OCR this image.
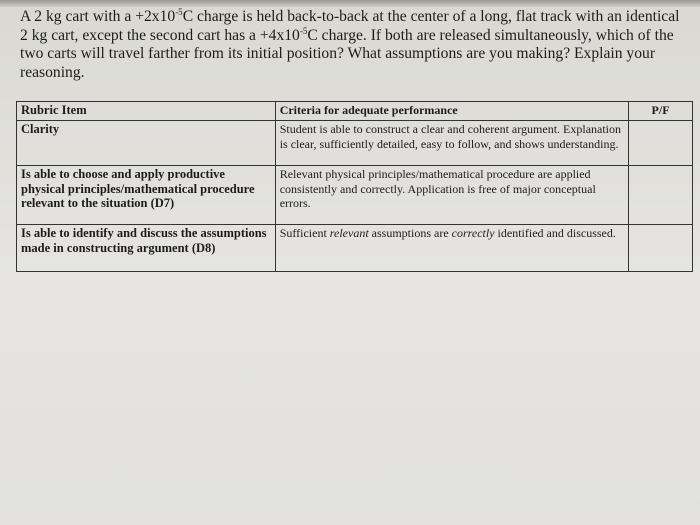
A 2 kg cart with $a +2x10^{-5}C$ charge is held back-to-back at the center of a long, flat track with an identical 2 kg cart, except the second cart has $a +4x10^{-5}C$ charge. If both are released simultaneously, which of the two carts will travel farther from its initial position? What assumptions are you making? Explain your reasoning.

Rubric Item	Criteria for adequate performance	P/F
Clarity	Student is able to construct a clear and coherent argument. Explanation is clear, sufficiently detailed, easy to follow, and shows understanding.	
Is able to choose and apply productive physical principles/mathematical procedure relevant to the situation (D7)	Relevant physical principles/mathematical procedure are applied consistently and correctly. Application is free of major conceptual errors.	
Is able to identify and discuss the assumptions made in constructing argument (D8)	Sufficient relevant assumptions are correctly identified and discussed.	
